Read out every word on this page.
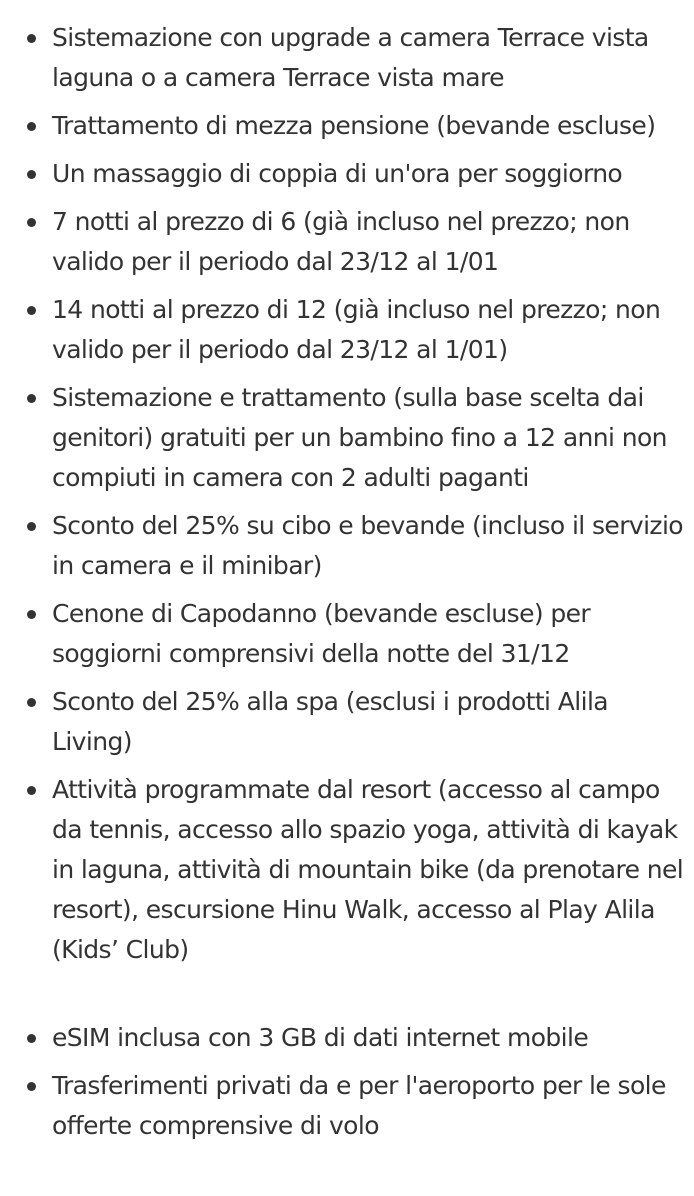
Sistemazione con upgrade a camera Terrace vista laguna o a camera Terrace vista mare
Trattamento di mezza pensione (bevande escluse)
Un massaggio di coppia di un'ora per soggiorno
7 notti al prezzo di 6 (già incluso nel prezzo; non valido per il periodo dal 23/12 al 1/01
14 notti al prezzo di 12 (già incluso nel prezzo; non valido per il periodo dal 23/12 al 1/01)
Sistemazione e trattamento (sulla base scelta dai genitori) gratuiti per un bambino fino a 12 anni non compiuti in camera con 2 adulti paganti
Sconto del 25% su cibo e bevande (incluso il servizio in camera e il minibar)
Cenone di Capodanno (bevande escluse) per soggiorni comprensivi della notte del 31/12
Sconto del 25% alla spa (esclusi i prodotti Alila Living)
Attività programmate dal resort (accesso al campo da tennis, accesso allo spazio yoga, attività di kayak in laguna, attività di mountain bike (da prenotare nel resort), escursione Hinu Walk, accesso al Play Alila (Kids’ Club)
eSIM inclusa con 3 GB di dati internet mobile
Trasferimenti privati da e per l'aeroporto per le sole offerte comprensive di volo
